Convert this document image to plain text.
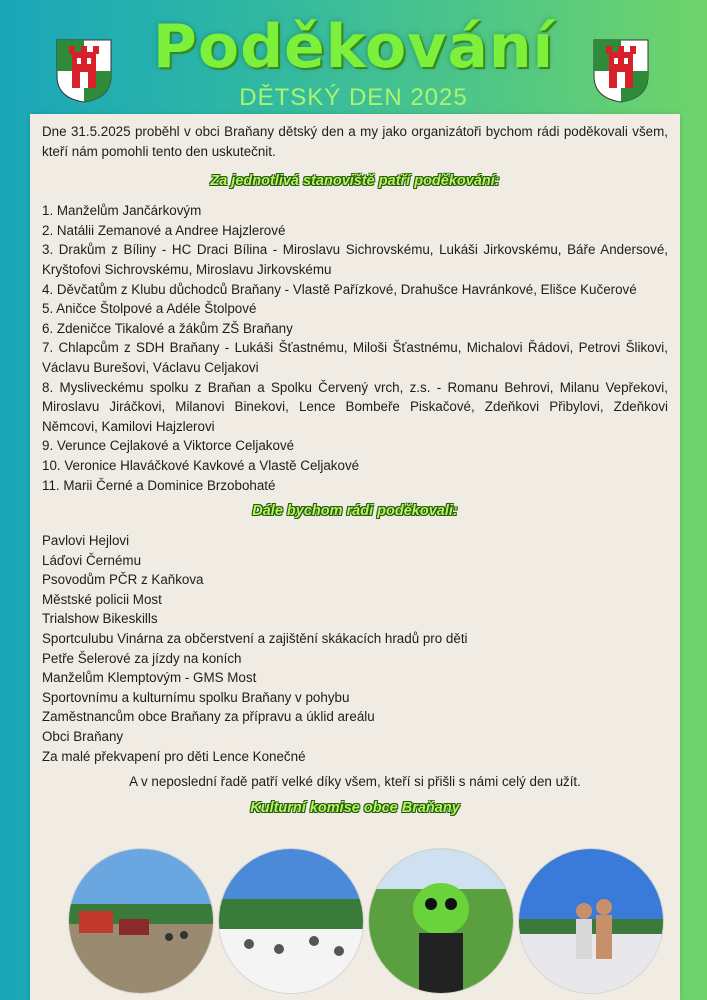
Poděkování
DĚTSKÝ DEN 2025

Dne 31.5.2025 proběhl v obci Braňany dětský den a my jako organizátoři bychom rádi poděkovali všem, kteří nám pomohli tento den uskutečnit.

Za jednotlivá stanoviště patří poděkování:
1. Manželům Jančárkovým
2. Natálii Zemanové a Andree Hajzlerové
3. Drakům z Bíliny - HC Draci Bílina - Miroslavu Sichrovskému, Lukáši Jirkovskému, Báře Andersové, Kryštofovi Sichrovskému, Miroslavu Jirkovskému
4. Děvčatům z Klubu důchodců Braňany - Vlastě Pařízkové, Drahušce Havránkové, Elišce Kučerové
5. Aničce Štolpové a Adéle Štolpové
6. Zdeničce Tikalové a žákům ZŠ Braňany
7. Chlapcům z SDH Braňany - Lukáši Šťastnému, Miloši Šťastnému, Michalovi Řádovi, Petrovi Šlikovi, Václavu Burešovi, Václavu Celjakovi
8. Mysliveckému spolku z Braňan a Spolku Červený vrch, z.s. - Romanu Behrovi, Milanu Vepřekovi, Miroslavu Jiráčkovi, Milanovi Binekovi, Lence Bombeře Piskačové, Zdeňkovi Přibylovi, Zdeňkovi Němcovi, Kamilovi Hajzlerovi
9. Verunce Cejlakové a Viktorce Celjakové
10. Veronice Hlaváčkové Kavkové a Vlastě Celjakové
11. Marii Černé a Dominice Brzobohaté
Dále bychom rádi poděkovali:
Pavlovi Hejlovi
Láďovi Černému
Psovodům PČR z Kaňkova
Městské policii Most
Trialshow Bikeskills
Sportculubu Vinárna za občerstvení a zajištění skákacích hradů pro děti
Petře Šelerové za jízdy na koních
Manželům Klemptovým - GMS Most
Sportovnímu a kulturnímu spolku Braňany v pohybu
Zaměstnancům obce Braňany za přípravu a úklid areálu
Obci Braňany
Za malé překvapení pro děti Lence Konečné

A v neposlední řadě patří velké díky všem, kteří si přišli s námi celý den užít.

Kulturní komise obce Braňany
